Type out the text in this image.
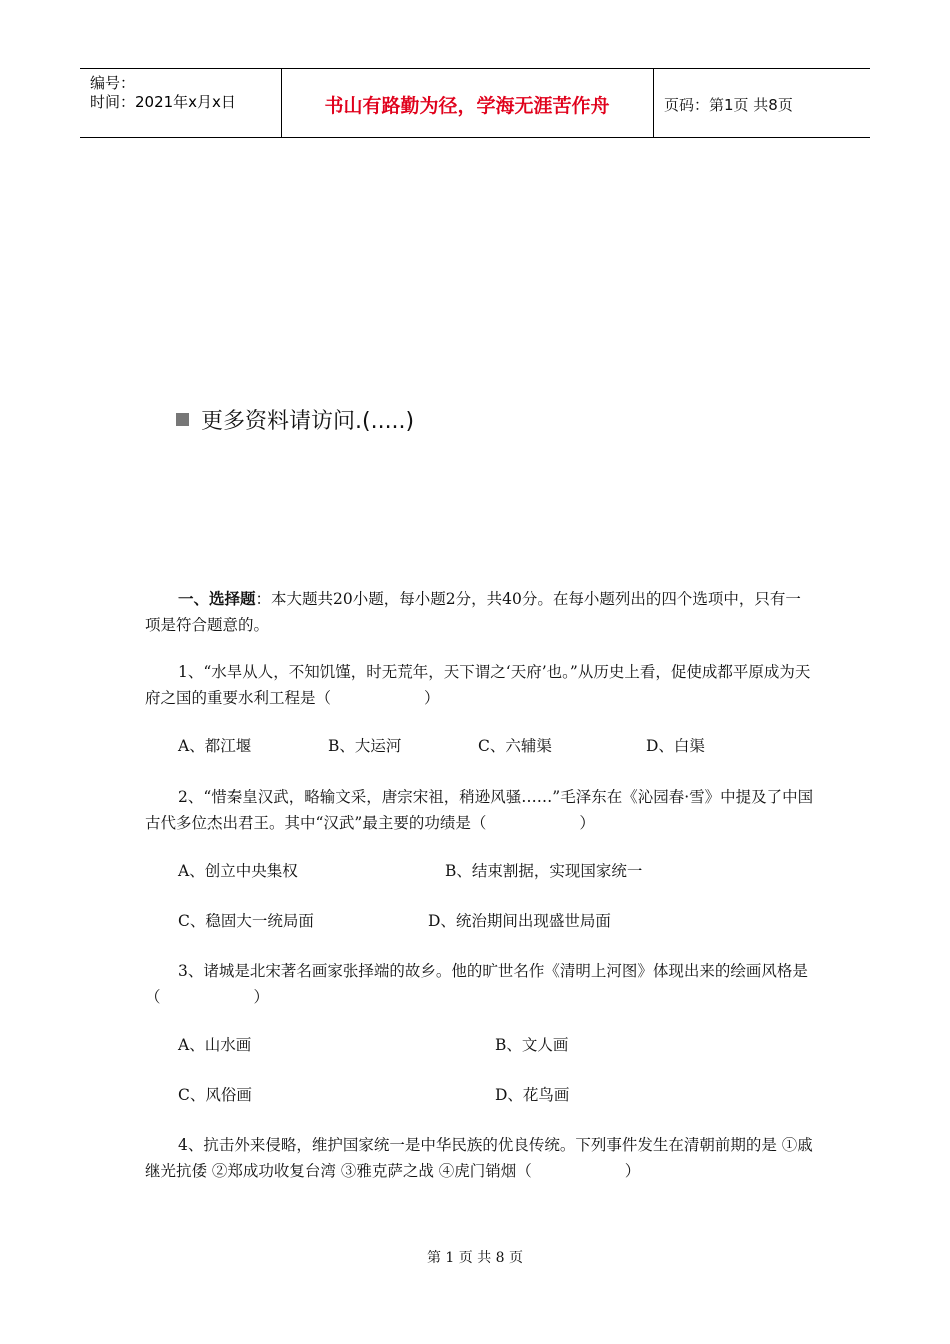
编号：
时间：2021年x月x日	书山有路勤为径，学海无涯苦作舟	页码：第1页 共8页
更多资料请访问.(.....)
一、选择题：本大题共20小题，每小题2分，共40分。在每小题列出的四个选项中，只有一项是符合题意的。
1、“水旱从人，不知饥馑，时无荒年，天下谓之‘天府’也。”从历史上看，促使成都平原成为天府之国的重要水利工程是（　　　　　　）
A、都江堰	B、大运河	C、六辅渠	D、白渠
2、“惜秦皇汉武，略输文采，唐宗宋祖，稍逊风骚……”毛泽东在《沁园春·雪》中提及了中国古代多位杰出君王。其中“汉武”最主要的功绩是（　　　　　　）
A、创立中央集权	B、结束割据，实现国家统一
C、稳固大一统局面	D、统治期间出现盛世局面
3、诸城是北宋著名画家张择端的故乡。他的旷世名作《清明上河图》体现出来的绘画风格是（　　　　　　）
A、山水画	B、文人画
C、风俗画	D、花鸟画
4、抗击外来侵略，维护国家统一是中华民族的优良传统。下列事件发生在清朝前期的是 ①戚继光抗倭 ②郑成功收复台湾 ③雅克萨之战 ④虎门销烟（　　　　　　）
第 1 页 共 8 页
